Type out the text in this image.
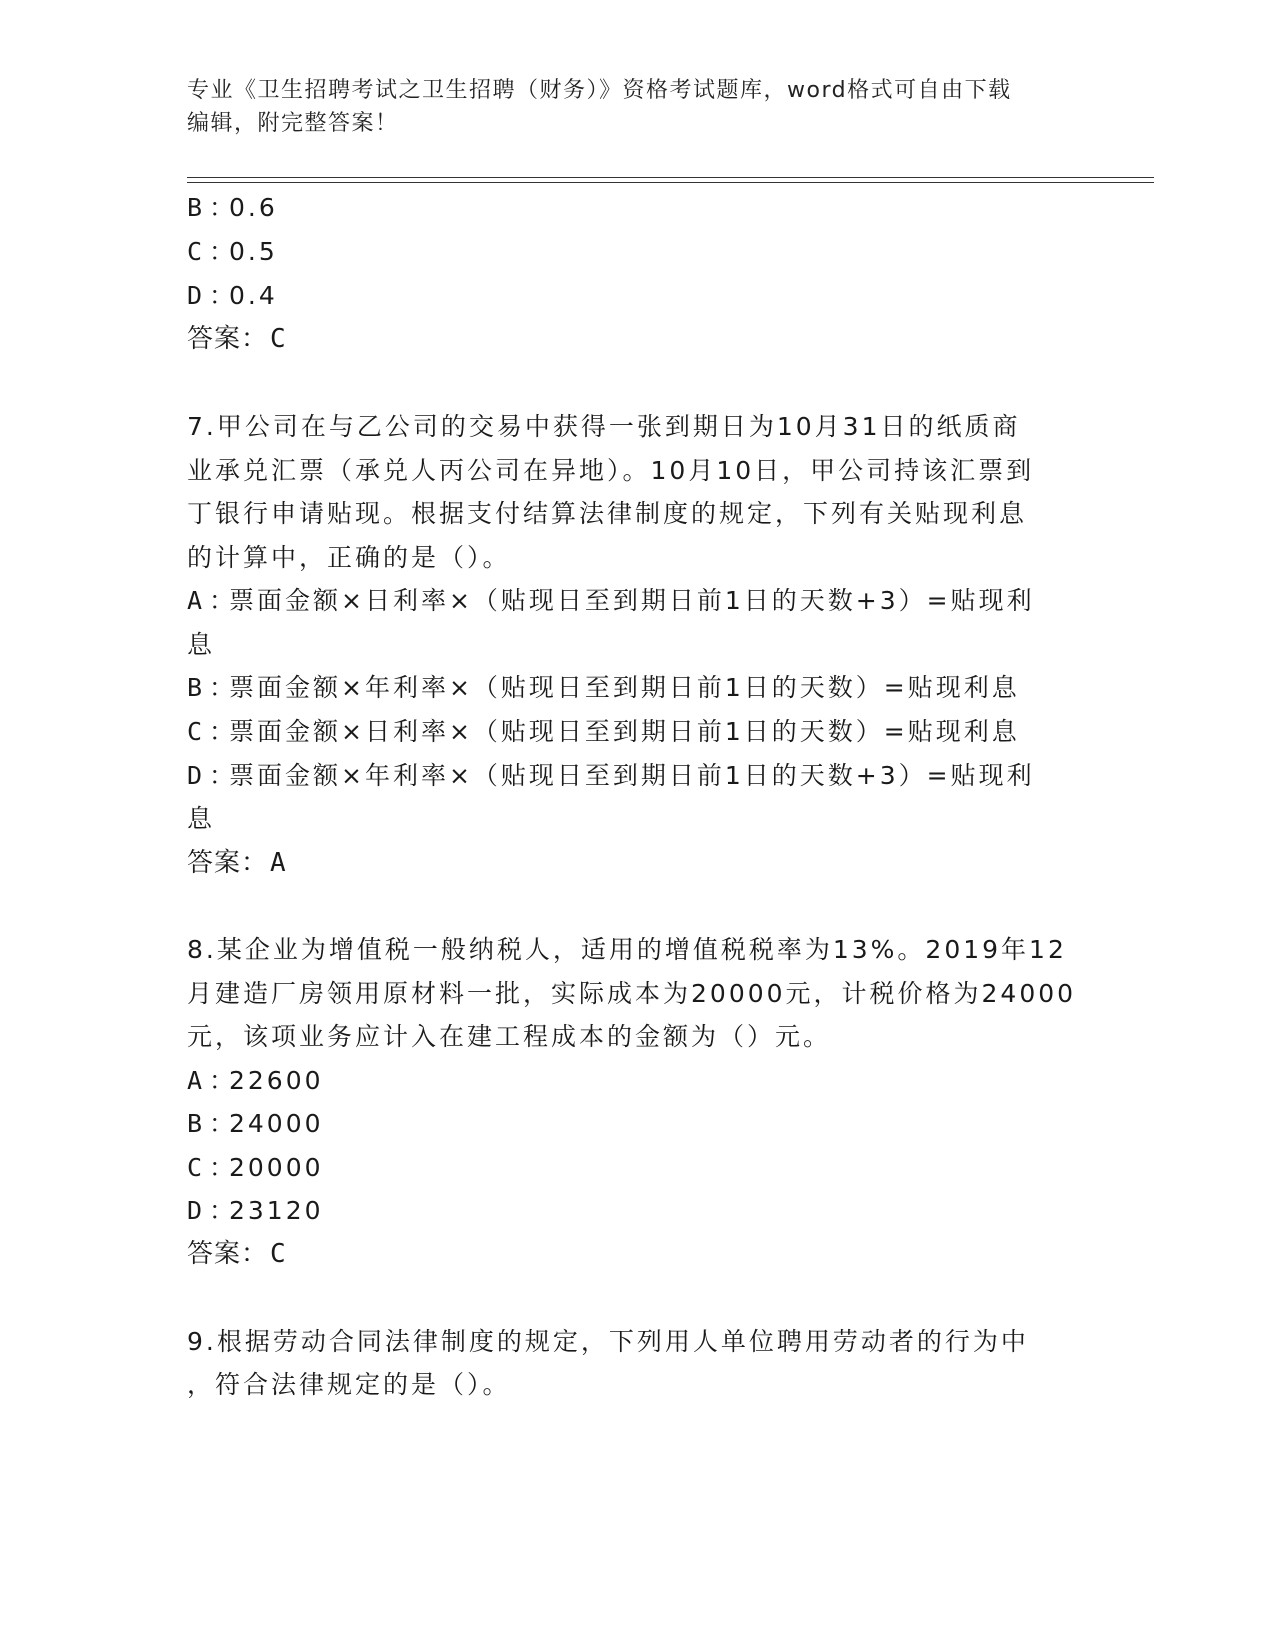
专业《卫生招聘考试之卫生招聘（财务）》资格考试题库，word格式可自由下载
编辑，附完整答案！
B ：0.6
C ：0.5
D ：0.4
答案：C
7.甲公司在与乙公司的交易中获得一张到期日为10月31日的纸质商
业承兑汇票（承兑人丙公司在异地）。10月10日，甲公司持该汇票到
丁银行申请贴现。根据支付结算法律制度的规定，下列有关贴现利息
的计算中，正确的是（）。
A ：票面金额×日利率×（贴现日至到期日前1日的天数+3）=贴现利
息
B ：票面金额×年利率×（贴现日至到期日前1日的天数）=贴现利息
C ：票面金额×日利率×（贴现日至到期日前1日的天数）=贴现利息
D ：票面金额×年利率×（贴现日至到期日前1日的天数+3）=贴现利
息
答案：A
8.某企业为增值税一般纳税人，适用的增值税税率为13%。2019年12
月建造厂房领用原材料一批，实际成本为20000元，计税价格为24000
元，该项业务应计入在建工程成本的金额为（）元。
A ：22600
B ：24000
C ：20000
D ：23120
答案：C
9.根据劳动合同法律制度的规定，下列用人单位聘用劳动者的行为中
，符合法律规定的是（）。
